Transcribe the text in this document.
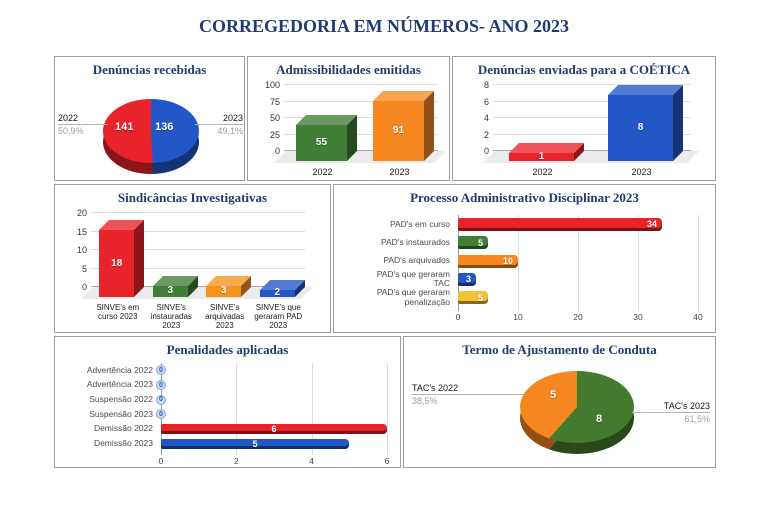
CORREGEDORIA EM NÚMEROS- ANO 2023
Denúncias recebidas
141 136
2022
50,9%
2023
49,1%
Admissibilidades emitidas
0
25
50
75
100
55
91
2022	2023
Denúncias enviadas para a COÉTICA
0
2
4
6
8
1
8
2022	2023
Sindicâncias Investigativas
0
5
10
15
20
18
3	3	2
SINVE's em curso 2023
SINVE's instauradas 2023
SINVE's arquivadas 2023
SINVE's que geraram PAD 2023
Processo Administrativo Disciplinar 2023
0	10	20	30	40
34
5
10
3
5
PAD's em curso
PAD's instaurados
PAD's arquivados
PAD's que geraram
TAC
PAD's que geraram
penalização
Penalidades aplicadas
0	2	4	6
0
0
0
0
6
5
Advertência 2022
Advertência 2023
Suspensão 2022
Suspensão 2023
Demissão 2022
Demissão 2023
Termo de Ajustamento de Conduta
5
8
TAC's 2022
38,5%	TAC's 2023
61,5%
